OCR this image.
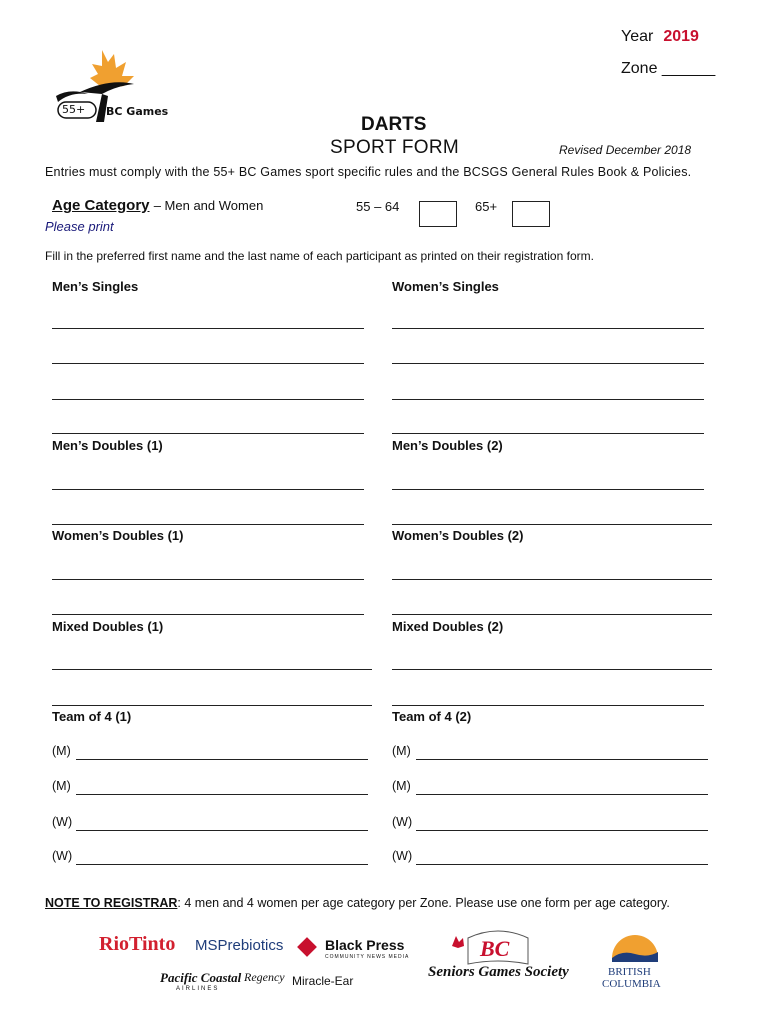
Year 2019
Zone ______
55+ BC Games
DARTS
SPORT FORM	Revised December 2018
Entries must comply with the 55+ BC Games sport specific rules and the BCSGS General Rules Book & Policies.
Age Category – Men and Women	55 – 64	65+
Please print
Fill in the preferred first name and the last name of each participant as printed on their registration form.
Men’s Singles	Women’s Singles
Men’s Doubles (1)	Men’s Doubles (2)
Women’s Doubles (1)	Women’s Doubles (2)
Mixed Doubles (1)	Mixed Doubles (2)
Team of 4 (1)	Team of 4 (2)
(M)	(M)
(M)	(M)
(W)	(W)
(W)	(W)
NOTE TO REGISTRAR: 4 men and 4 women per age category per Zone. Please use one form per age category.
RioTinto MSPrebiotics	Black Press
COMMUNITY NEWS MEDIA
Pacific Coastal
AIRLINES
Regency Miracle-Ear
BC
Seniors Games Society	BRITISH
COLUMBIA
